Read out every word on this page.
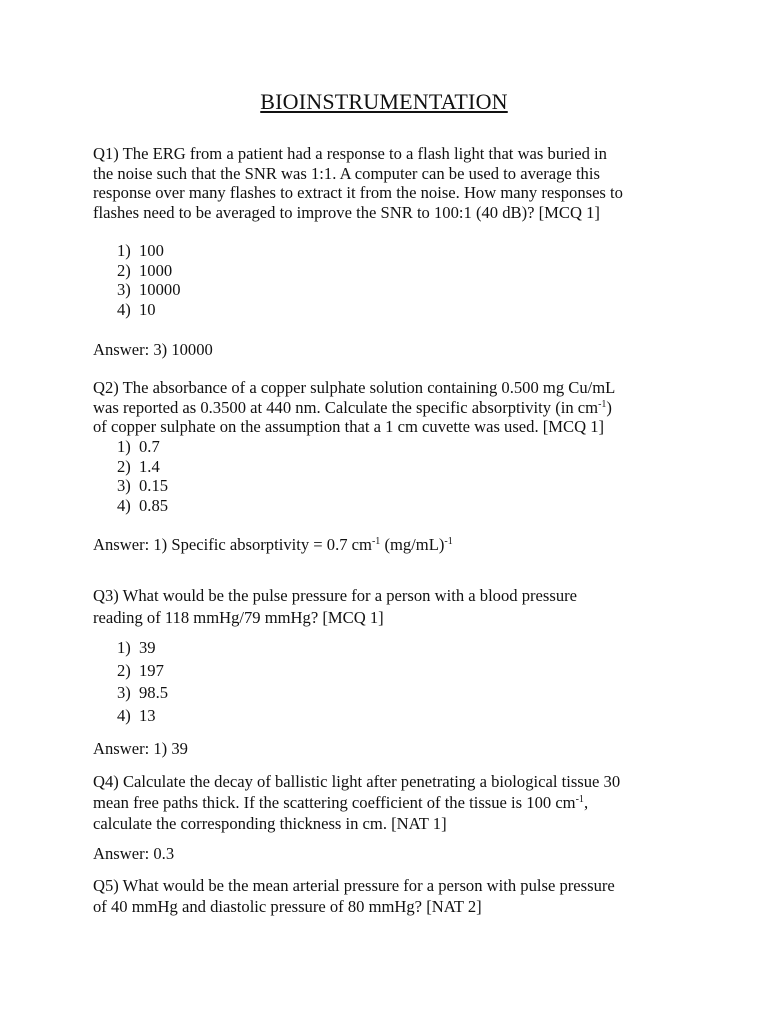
BIOINSTRUMENTATION
Q1) The ERG from a patient had a response to a flash light that was buried in
the noise such that the SNR was 1:1. A computer can be used to average this
response over many flashes to extract it from the noise. How many responses to
flashes need to be averaged to improve the SNR to 100:1 (40 dB)? [MCQ 1]
1) 100
2) 1000
3) 10000
4) 10
Answer: 3) 10000
Q2) The absorbance of a copper sulphate solution containing 0.500 mg Cu/mL
was reported as 0.3500 at 440 nm. Calculate the specific absorptivity (in $cm^{-1}$)
of copper sulphate on the assumption that a 1 cm cuvette was used. [MCQ 1]
1) 0.7
2) 1.4
3) 0.15
4) 0.85
Answer: 1) Specific absorptivity = 0.7 $cm^{-1}$ $(mg/mL)^{-1}$
Q3) What would be the pulse pressure for a person with a blood pressure
reading of 118 mmHg/79 mmHg? [MCQ 1]
1) 39
2) 197
3) 98.5
4) 13
Answer: 1) 39
Q4) Calculate the decay of ballistic light after penetrating a biological tissue 30
mean free paths thick. If the scattering coefficient of the tissue is 100 $cm^{-1}$,
calculate the corresponding thickness in cm. [NAT 1]
Answer: 0.3
Q5) What would be the mean arterial pressure for a person with pulse pressure
of 40 mmHg and diastolic pressure of 80 mmHg? [NAT 2]
